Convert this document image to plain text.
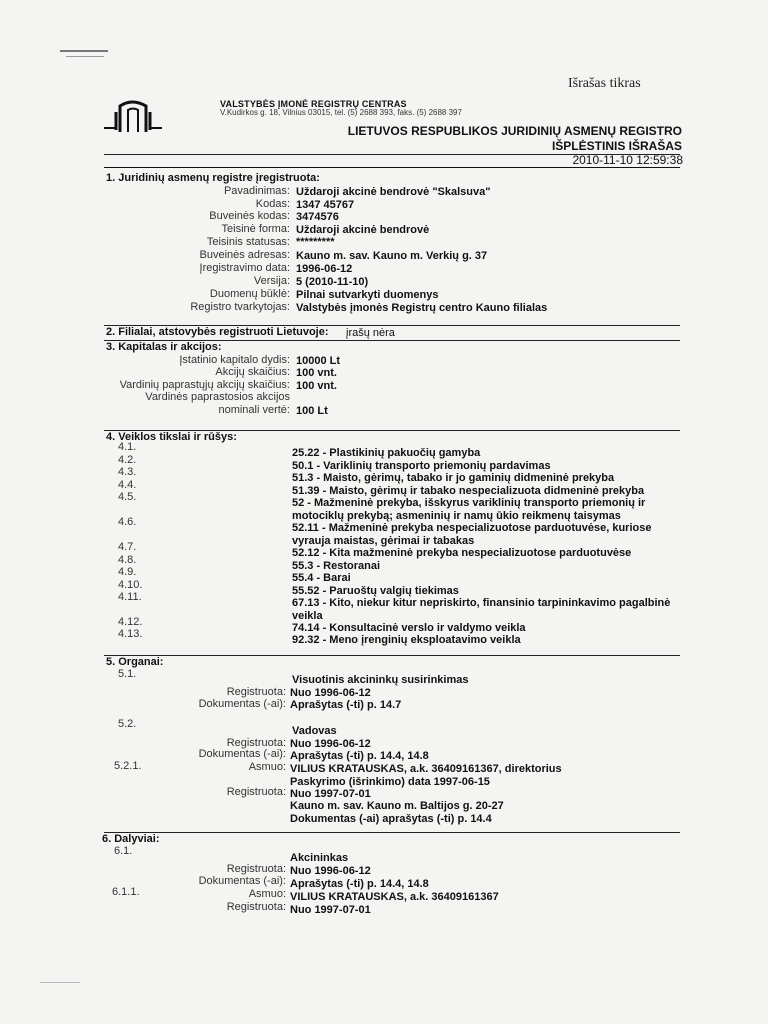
Išrašas tikras
VALSTYBĖS ĮMONĖ REGISTRŲ CENTRAS
V.Kudirkos g. 18, Vilnius 03015, tel. (5) 2688 393, faks. (5) 2688 397
LIETUVOS RESPUBLIKOS JURIDINIŲ ASMENŲ REGISTRO
IŠPLĖSTINIS IŠRAŠAS
2010-11-10 12:59:38
1. Juridinių asmenų registre įregistruota:
Pavadinimas: Uždaroji akcinė bendrovė "Skalsuva"
Kodas: 1347 45767
Buveinės kodas: 3474576
Teisinė forma: Uždaroji akcinė bendrovė
Teisinis statusas: *********
Buveinės adresas: Kauno m. sav. Kauno m. Verkių g. 37
Įregistravimo data: 1996-06-12
Versija: 5 (2010-11-10)
Duomenų būklė: Pilnai sutvarkyti duomenys
Registro tvarkytojas: Valstybės įmonės Registrų centro Kauno filialas
2. Filialai, atstovybės registruoti Lietuvoje: įrašų nėra
3. Kapitalas ir akcijos:
Įstatinio kapitalo dydis: 10000 Lt
Akcijų skaičius: 100 vnt.
Vardinių paprastųjų akcijų skaičius: 100 vnt.
Vardinės paprastosios akcijos
nominali vertė: 100 Lt
4. Veiklos tikslai ir rūšys:
4.1.	25.22 - Plastikinių pakuočių gamyba
4.2.	50.1 - Variklinių transporto priemonių pardavimas
4.3.	51.3 - Maisto, gėrimų, tabako ir jo gaminių didmeninė prekyba
4.4.	51.39 - Maisto, gėrimų ir tabako nespecializuota didmeninė prekyba
4.5.	52 - Mažmeninė prekyba, išskyrus variklinių transporto priemonių ir motociklų prekybą; asmeninių ir namų ūkio reikmenų taisymas
4.6.	52.11 - Mažmeninė prekyba nespecializuotose parduotuvėse, kuriose vyrauja maistas, gėrimai ir tabakas
4.7.	52.12 - Kita mažmeninė prekyba nespecializuotose parduotuvėse
4.8.	55.3 - Restoranai
4.9.	55.4 - Barai
4.10.	55.52 - Paruoštų valgių tiekimas
4.11.	67.13 - Kito, niekur kitur nepriskirto, finansinio tarpininkavimo pagalbinė veikla
4.12.	74.14 - Konsultacinė verslo ir valdymo veikla
4.13.	92.32 - Meno įrenginių eksploatavimo veikla
5. Organai:
5.1.	Visuotinis akcininkų susirinkimas
Registruota: Nuo 1996-06-12
Dokumentas (-ai): Aprašytas (-ti) p. 14.7
5.2.
Vadovas
Registruota: Nuo 1996-06-12
Dokumentas (-ai): Aprašytas (-ti) p. 14.4, 14.8
5.2.1.	Asmuo: VILIUS KRATAUSKAS, a.k. 36409161367, direktorius
Paskyrimo (išrinkimo) data 1997-06-15
Registruota: Nuo 1997-07-01
Kauno m. sav. Kauno m. Baltijos g. 20-27
Dokumentas (-ai) aprašytas (-ti) p. 14.4
6. Dalyviai:
6.1.
Akcininkas
Registruota: Nuo 1996-06-12
Dokumentas (-ai): Aprašytas (-ti) p. 14.4, 14.8
6.1.1.	Asmuo: VILIUS KRATAUSKAS, a.k. 36409161367
Registruota: Nuo 1997-07-01
